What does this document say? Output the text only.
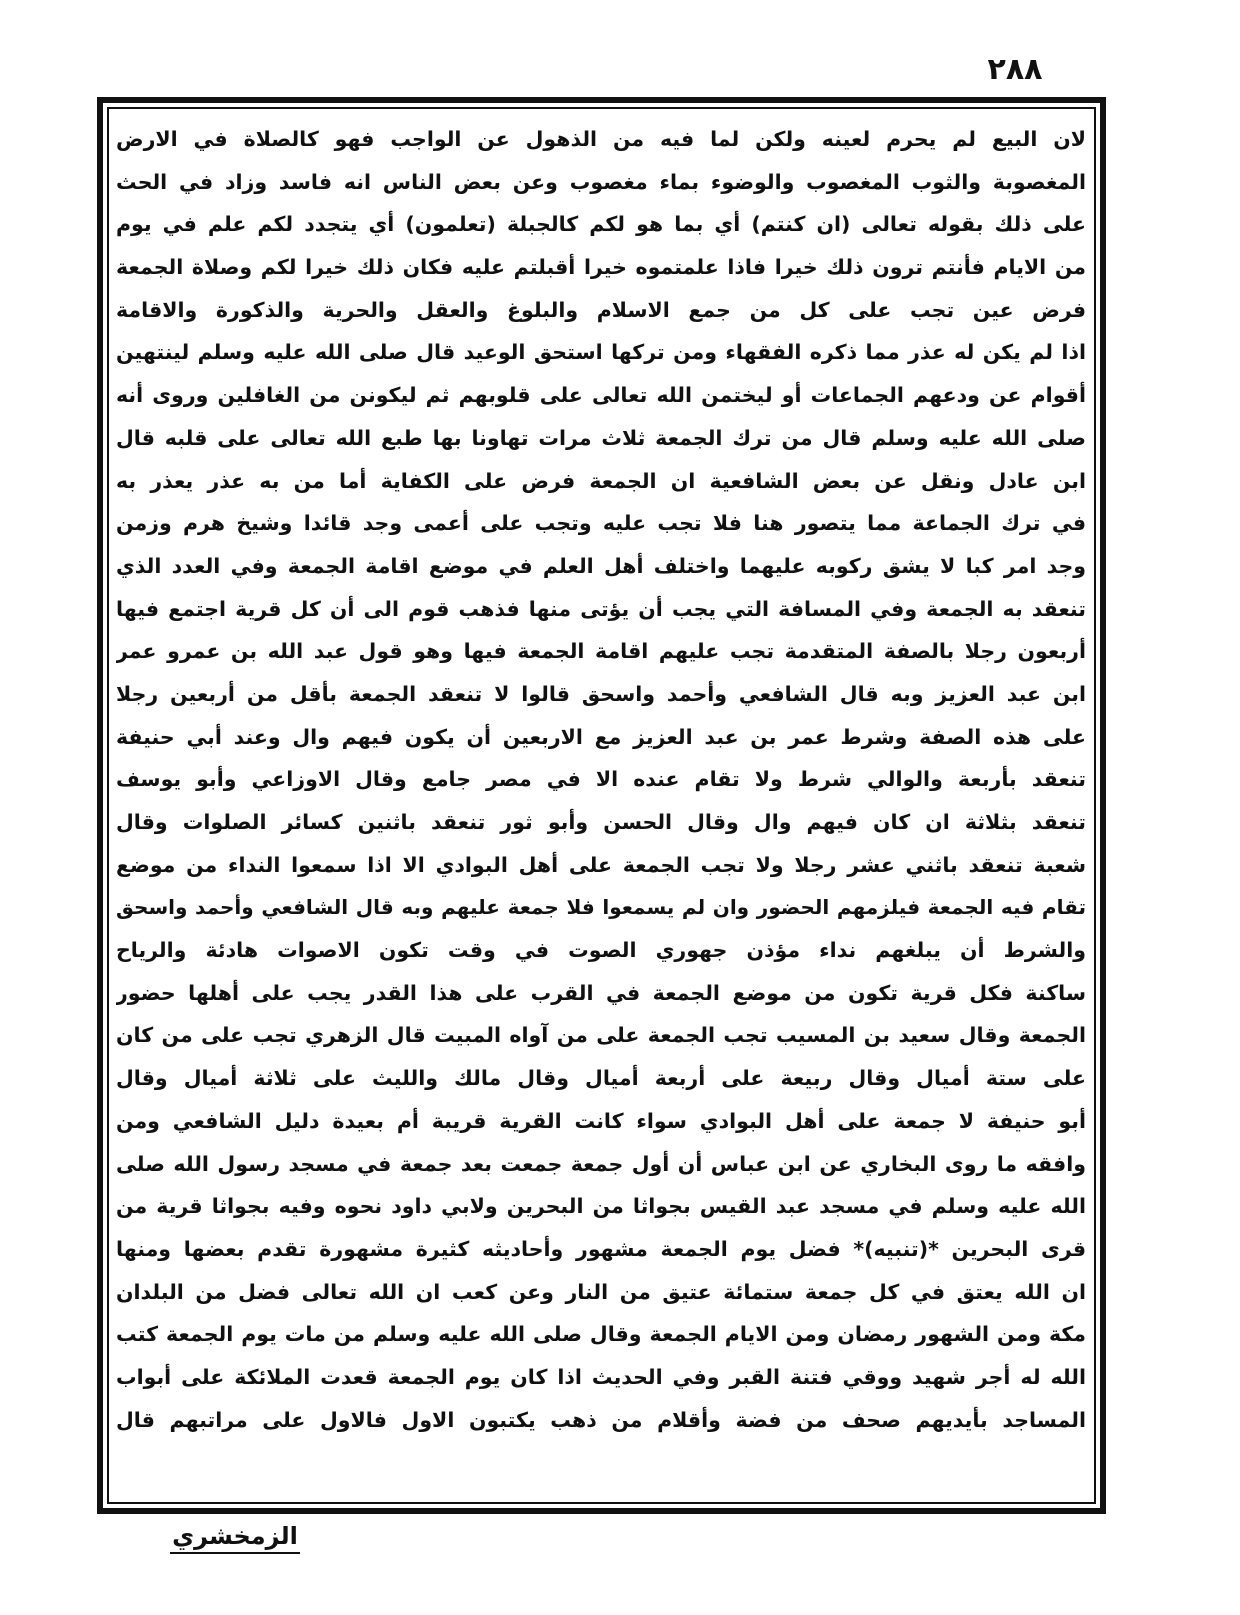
٢٨٨
لان البيع لم يحرم لعينه ولكن لما فيه من الذهول عن الواجب فهو كالصلاة في الارض
المغصوبة والثوب المغصوب والوضوء بماء مغصوب وعن بعض الناس انه فاسد وزاد في الحث
على ذلك بقوله تعالى (ان كنتم) أي بما هو لكم كالجبلة (تعلمون) أي يتجدد لكم علم في يوم
من الايام فأنتم ترون ذلك خيرا فاذا علمتموه خيرا أقبلتم عليه فكان ذلك خيرا لكم وصلاة الجمعة
فرض عين تجب على كل من جمع الاسلام والبلوغ والعقل والحرية والذكورة والاقامة
اذا لم يكن له عذر مما ذكره الفقهاء ومن تركها استحق الوعيد قال صلى الله عليه وسلم لينتهين
أقوام عن ودعهم الجماعات أو ليختمن الله تعالى على قلوبهم ثم ليكونن من الغافلين وروى أنه
صلى الله عليه وسلم قال من ترك الجمعة ثلاث مرات تهاونا بها طبع الله تعالى على قلبه قال
ابن عادل ونقل عن بعض الشافعية ان الجمعة فرض على الكفاية أما من به عذر يعذر به
في ترك الجماعة مما يتصور هنا فلا تجب عليه وتجب على أعمى وجد قائدا وشيخ هرم وزمن
وجد امر كبا لا يشق ركوبه عليهما واختلف أهل العلم في موضع اقامة الجمعة وفي العدد الذي
تنعقد به الجمعة وفي المسافة التي يجب أن يؤتى منها فذهب قوم الى أن كل قرية اجتمع فيها
أربعون رجلا بالصفة المتقدمة تجب عليهم اقامة الجمعة فيها وهو قول عبد الله بن عمرو عمر
ابن عبد العزيز وبه قال الشافعي وأحمد واسحق قالوا لا تنعقد الجمعة بأقل من أربعين رجلا
على هذه الصفة وشرط عمر بن عبد العزيز مع الاربعين أن يكون فيهم وال وعند أبي حنيفة
تنعقد بأربعة والوالي شرط ولا تقام عنده الا في مصر جامع وقال الاوزاعي وأبو يوسف
تنعقد بثلاثة ان كان فيهم وال وقال الحسن وأبو ثور تنعقد باثنين كسائر الصلوات وقال
شعبة تنعقد باثني عشر رجلا ولا تجب الجمعة على أهل البوادي الا اذا سمعوا النداء من موضع
تقام فيه الجمعة فيلزمهم الحضور وان لم يسمعوا فلا جمعة عليهم وبه قال الشافعي وأحمد واسحق
والشرط أن يبلغهم نداء مؤذن جهوري الصوت في وقت تكون الاصوات هادئة والرياح
ساكنة فكل قرية تكون من موضع الجمعة في القرب على هذا القدر يجب على أهلها حضور
الجمعة وقال سعيد بن المسيب تجب الجمعة على من آواه المبيت قال الزهري تجب على من كان
على ستة أميال وقال ربيعة على أربعة أميال وقال مالك والليث على ثلاثة أميال وقال
أبو حنيفة لا جمعة على أهل البوادي سواء كانت القرية قريبة أم بعيدة دليل الشافعي ومن
وافقه ما روى البخاري عن ابن عباس أن أول جمعة جمعت بعد جمعة في مسجد رسول الله صلى
الله عليه وسلم في مسجد عبد القيس بجواثا من البحرين ولابي داود نحوه وفيه بجواثا قرية من
قرى البحرين *(تنبيه)* فضل يوم الجمعة مشهور وأحاديثه كثيرة مشهورة تقدم بعضها ومنها
ان الله يعتق في كل جمعة ستمائة عتيق من النار وعن كعب ان الله تعالى فضل من البلدان
مكة ومن الشهور رمضان ومن الايام الجمعة وقال صلى الله عليه وسلم من مات يوم الجمعة كتب
الله له أجر شهيد ووقي فتنة القبر وفي الحديث اذا كان يوم الجمعة قعدت الملائكة على أبواب
المساجد بأيديهم صحف من فضة وأقلام من ذهب يكتبون الاول فالاول على مراتبهم قال
الزمخشري
